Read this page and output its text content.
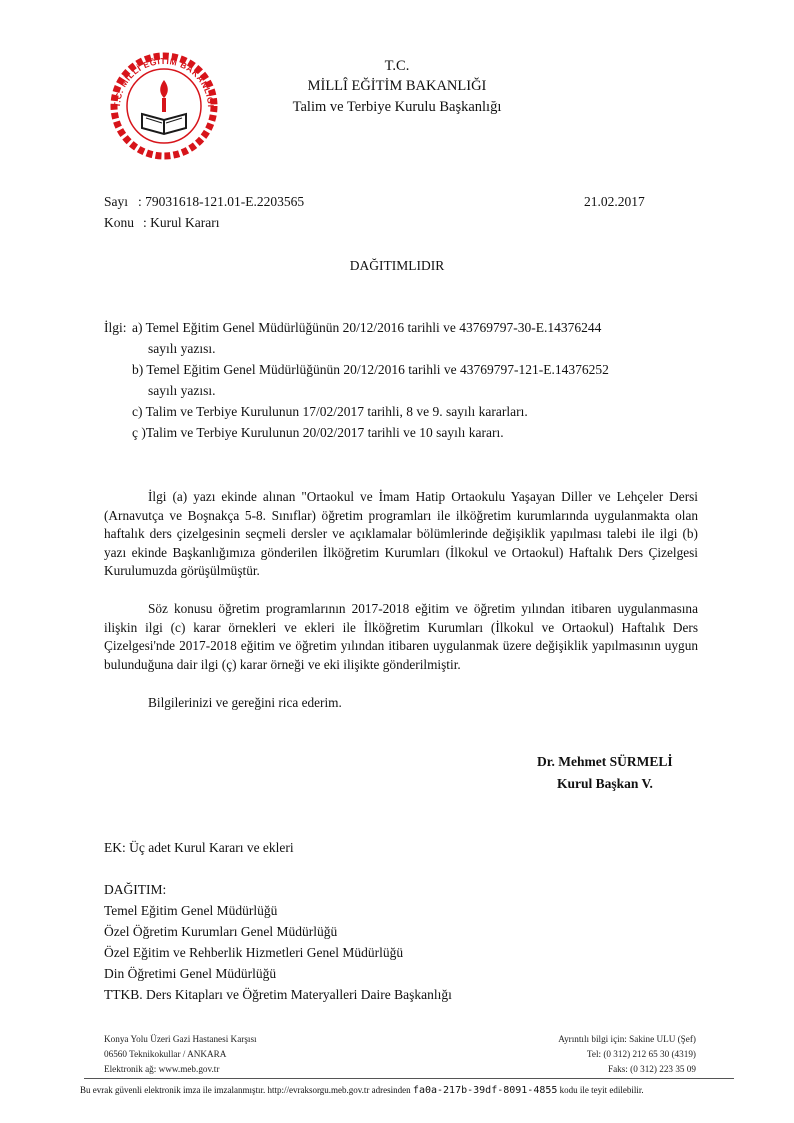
T.C. MİLLİ EĞİTİM BAKANLIĞI
T.C.
MİLLÎ EĞİTİM BAKANLIĞI
Talim ve Terbiye Kurulu Başkanlığı
Sayı : 79031618-121.01-E.2203565	21.02.2017
Konu : Kurul Kararı
DAĞITIMLIDIR
İlgi: a) Temel Eğitim Genel Müdürlüğünün 20/12/2016 tarihli ve 43769797-30-E.14376244
sayılı yazısı.
b) Temel Eğitim Genel Müdürlüğünün 20/12/2016 tarihli ve 43769797-121-E.14376252
sayılı yazısı.
c) Talim ve Terbiye Kurulunun 17/02/2017 tarihli, 8 ve 9. sayılı kararları.
ç )Talim ve Terbiye Kurulunun 20/02/2017 tarihli ve 10 sayılı kararı.
İlgi (a) yazı ekinde alınan "Ortaokul ve İmam Hatip Ortaokulu Yaşayan Diller ve Lehçeler Dersi (Arnavutça ve Boşnakça 5-8. Sınıflar) öğretim programları ile ilköğretim kurumlarında uygulanmakta olan haftalık ders çizelgesinin seçmeli dersler ve açıklamalar bölümlerinde değişiklik yapılması talebi ile ilgi (b) yazı ekinde Başkanlığımıza gönderilen İlköğretim Kurumları (İlkokul ve Ortaokul) Haftalık Ders Çizelgesi Kurulumuzda görüşülmüştür.
Söz konusu öğretim programlarının 2017-2018 eğitim ve öğretim yılından itibaren uygulanmasına ilişkin ilgi (c) karar örnekleri ve ekleri ile İlköğretim Kurumları (İlkokul ve Ortaokul) Haftalık Ders Çizelgesi'nde 2017-2018 eğitim ve öğretim yılından itibaren uygulanmak üzere değişiklik yapılmasının uygun bulunduğuna dair ilgi (ç) karar örneği ve eki ilişikte gönderilmiştir.
Bilgilerinizi ve gereğini rica ederim.
Dr. Mehmet SÜRMELİ
Kurul Başkan V.
EK: Üç adet Kurul Kararı ve ekleri
DAĞITIM:
Temel Eğitim Genel Müdürlüğü
Özel Öğretim Kurumları Genel Müdürlüğü
Özel Eğitim ve Rehberlik Hizmetleri Genel Müdürlüğü
Din Öğretimi Genel Müdürlüğü
TTKB. Ders Kitapları ve Öğretim Materyalleri Daire Başkanlığı
Konya Yolu Üzeri Gazi Hastanesi Karşısı
06560 Teknikokullar / ANKARA
Elektronik ağ: www.meb.gov.tr
Ayrıntılı bilgi için: Sakine ULU (Şef)
Tel: (0 312) 212 65 30 (4319)
Faks: (0 312) 223 35 09
Bu evrak güvenli elektronik imza ile imzalanmıştır. http://evraksorgu.meb.gov.tr adresinden fa0a-217b-39df-8091-4855 kodu ile teyit edilebilir.
